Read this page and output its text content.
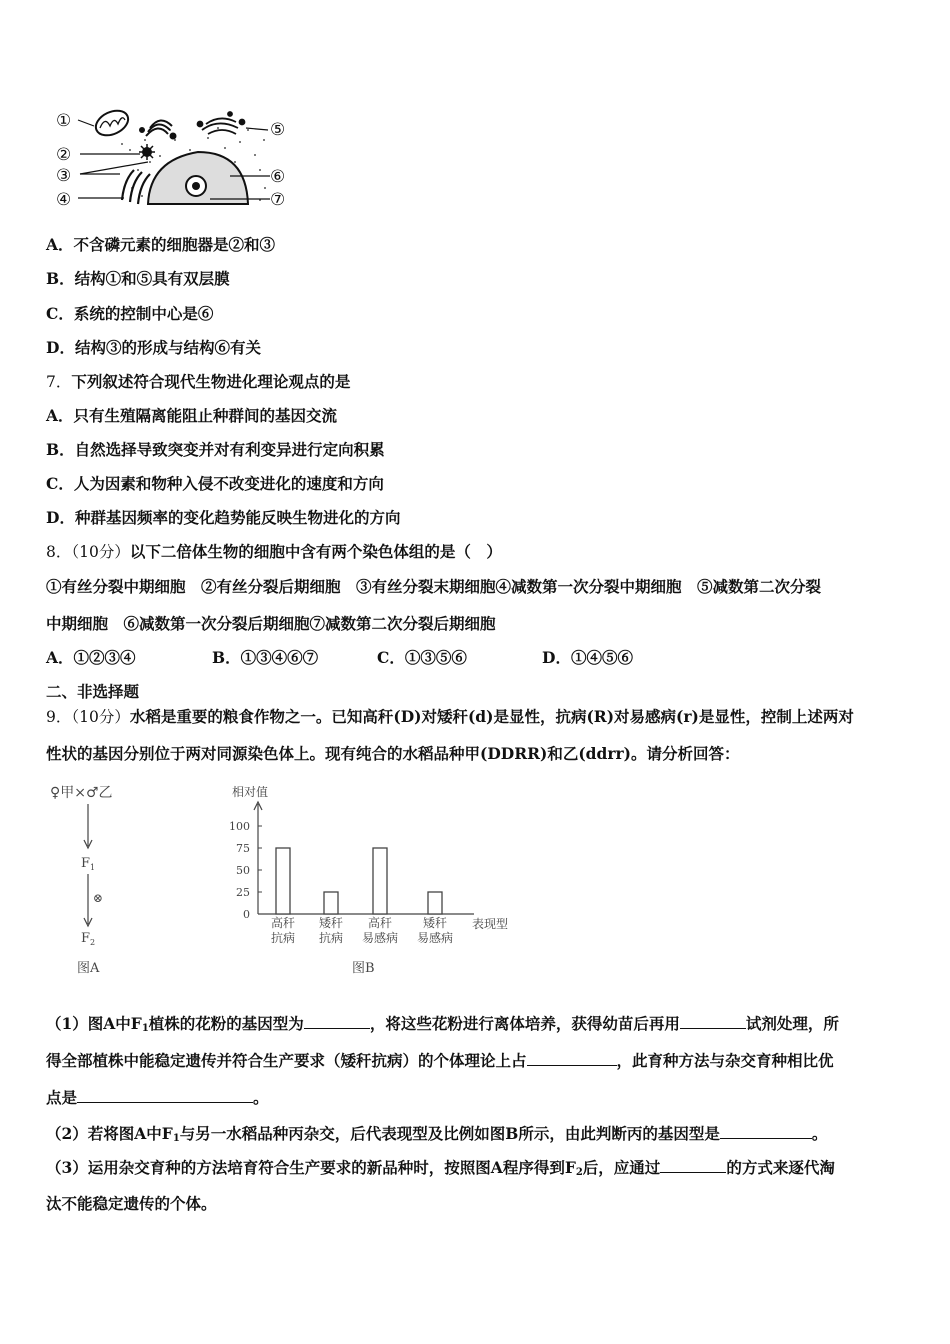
①
②
③
④
⑤
⑥
⑦
A．不含磷元素的细胞器是②和③
B．结构①和⑤具有双层膜
C．系统的控制中心是⑥
D．结构③的形成与结构⑥有关
7．下列叙述符合现代生物进化理论观点的是
A．只有生殖隔离能阻止种群间的基因交流
B．自然选择导致突变并对有利变异进行定向积累
C．人为因素和物种入侵不改变进化的速度和方向
D．种群基因频率的变化趋势能反映生物进化的方向
8．（10分）以下二倍体生物的细胞中含有两个染色体组的是（　）
①有丝分裂中期细胞　②有丝分裂后期细胞　③有丝分裂末期细胞④减数第一次分裂中期细胞　⑤减数第二次分裂
中期细胞　⑥减数第一次分裂后期细胞⑦减数第二次分裂后期细胞
A．①②③④	B．①③④⑥⑦	C．①③⑤⑥	D．①④⑤⑥
二、非选择题
9．（10分）水稻是重要的粮食作物之一。已知高秆(D)对矮秆(d)是显性，抗病(R)对易感病(r)是显性，控制上述两对
性状的基因分别位于两对同源染色体上。现有纯合的水稻品种甲(DDRR)和乙(ddrr)。请分析回答：
♀甲×♂乙
$F_1$
⊗
$F_2$
图A
相对值
0
25
50
75
100
高秆
抗病
矮秆
抗病
高秆
易感病
矮秆
易感病
表现型
图B
（1）图A中$F_1$植株的花粉的基因型为	，将这些花粉进行离体培养，获得幼苗后再用	试剂处理，所
得全部植株中能稳定遗传并符合生产要求（矮秆抗病）的个体理论上占	，此育种方法与杂交育种相比优
点是	。
（2）若将图A中$F_1$与另一水稻品种丙杂交，后代表现型及比例如图B所示，由此判断丙的基因型是	。
（3）运用杂交育种的方法培育符合生产要求的新品种时，按照图A程序得到$F_2$后，应通过	的方式来逐代淘
汰不能稳定遗传的个体。
